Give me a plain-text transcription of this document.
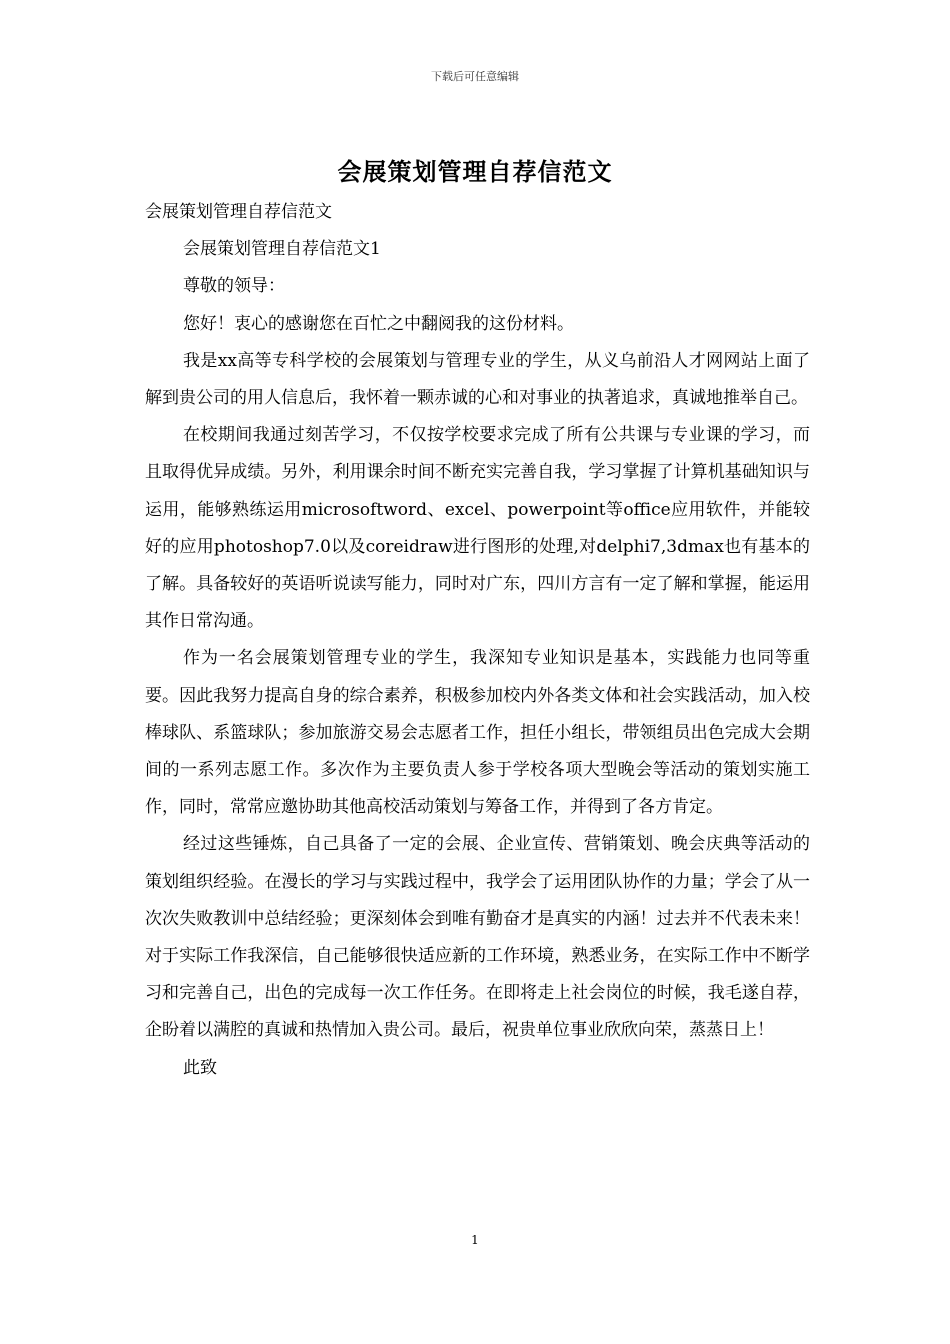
下载后可任意编辑
会展策划管理自荐信范文

会展策划管理自荐信范文

会展策划管理自荐信范文1

尊敬的领导：

您好！衷心的感谢您在百忙之中翻阅我的这份材料。

我是xx高等专科学校的会展策划与管理专业的学生，从义乌前沿人才网网站上面了解到贵公司的用人信息后，我怀着一颗赤诚的心和对事业的执著追求，真诚地推举自己。

在校期间我通过刻苦学习，不仅按学校要求完成了所有公共课与专业课的学习，而且取得优异成绩。另外，利用课余时间不断充实完善自我，学习掌握了计算机基础知识与运用，能够熟练运用microsoftword、excel、powerpoint等office应用软件，并能较好的应用photoshop7.0以及coreidraw进行图形的处理,对delphi7,3dmax也有基本的了解。具备较好的英语听说读写能力，同时对广东，四川方言有一定了解和掌握，能运用其作日常沟通。

作为一名会展策划管理专业的学生，我深知专业知识是基本，实践能力也同等重要。因此我努力提高自身的综合素养，积极参加校内外各类文体和社会实践活动，加入校棒球队、系篮球队；参加旅游交易会志愿者工作，担任小组长，带领组员出色完成大会期间的一系列志愿工作。多次作为主要负责人参于学校各项大型晚会等活动的策划实施工作，同时，常常应邀协助其他高校活动策划与筹备工作，并得到了各方肯定。

经过这些锤炼，自己具备了一定的会展、企业宣传、营销策划、晚会庆典等活动的策划组织经验。在漫长的学习与实践过程中，我学会了运用团队协作的力量；学会了从一次次失败教训中总结经验；更深刻体会到唯有勤奋才是真实的内涵！过去并不代表未来！对于实际工作我深信，自己能够很快适应新的工作环境，熟悉业务，在实际工作中不断学习和完善自己，出色的完成每一次工作任务。在即将走上社会岗位的时候，我毛遂自荐，企盼着以满腔的真诚和热情加入贵公司。最后，祝贵单位事业欣欣向荣，蒸蒸日上！

此致

1
